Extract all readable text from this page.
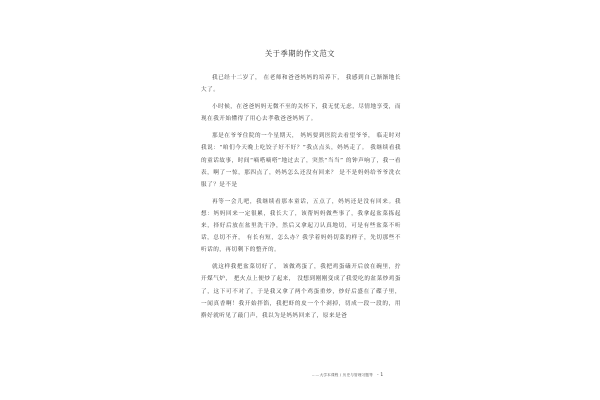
关于季期的作文范文

我已经十二岁了， 在老师和爸爸妈妈的培养下， 我感到自己渐渐地长大了。

小时候，在爸爸妈妈无微不至的关怀下，我无忧无虑，尽情地享受，而现在我开始懂得了用心去孝敬爸爸妈妈了。

那是在爷爷住院的一个星期天， 妈妈要到医院去看望爷爷， 临走时对我说：“咱们今天晚上吃饺子好不好？”我点点头，妈妈走了。 我继续看我的童话故事，时间“嘀嗒嘀嗒”地过去了，突然“当当” 的钟声响了，我一看表，啊了一惊，那四点了，妈妈怎么还没有回来？ 是不是妈妈给爷爷洗衣服了？是不是

再等一会儿吧，我继续看那本童话，五点了，妈妈还是没有回来。我想：妈妈回来一定很累，我长大了，该帮妈妈做些事了，我拿起盆菜拣起来，择好后放在盆里洗干净，然后又拿起刀认真地切，可是有些盆菜不听话，总切不齐， 有长有短，怎么办？我学着妈妈切菜的样子，先切那些不听话的，再切剩下的整齐的。

就这样我把盆菜切好了， 该做鸡蛋了，我把鸡蛋磕开后放在碗里，拧开煤气炉， 把火点上便炒了起来， 没想到刚刚变成了我爱吃的盆菜炒鸡蛋了，这下可不对了，于是我又拿了两个鸡蛋重炒，炒好后盛在了碟子里，一闻真香啊！我开始拌馅，我把虾的皮一个个剥掉，切成一段一段的，用擀好就听见了敲门声，我以为是妈妈回来了，原来是爸

……大学本课程 / 历史与管理习题等 - 1
